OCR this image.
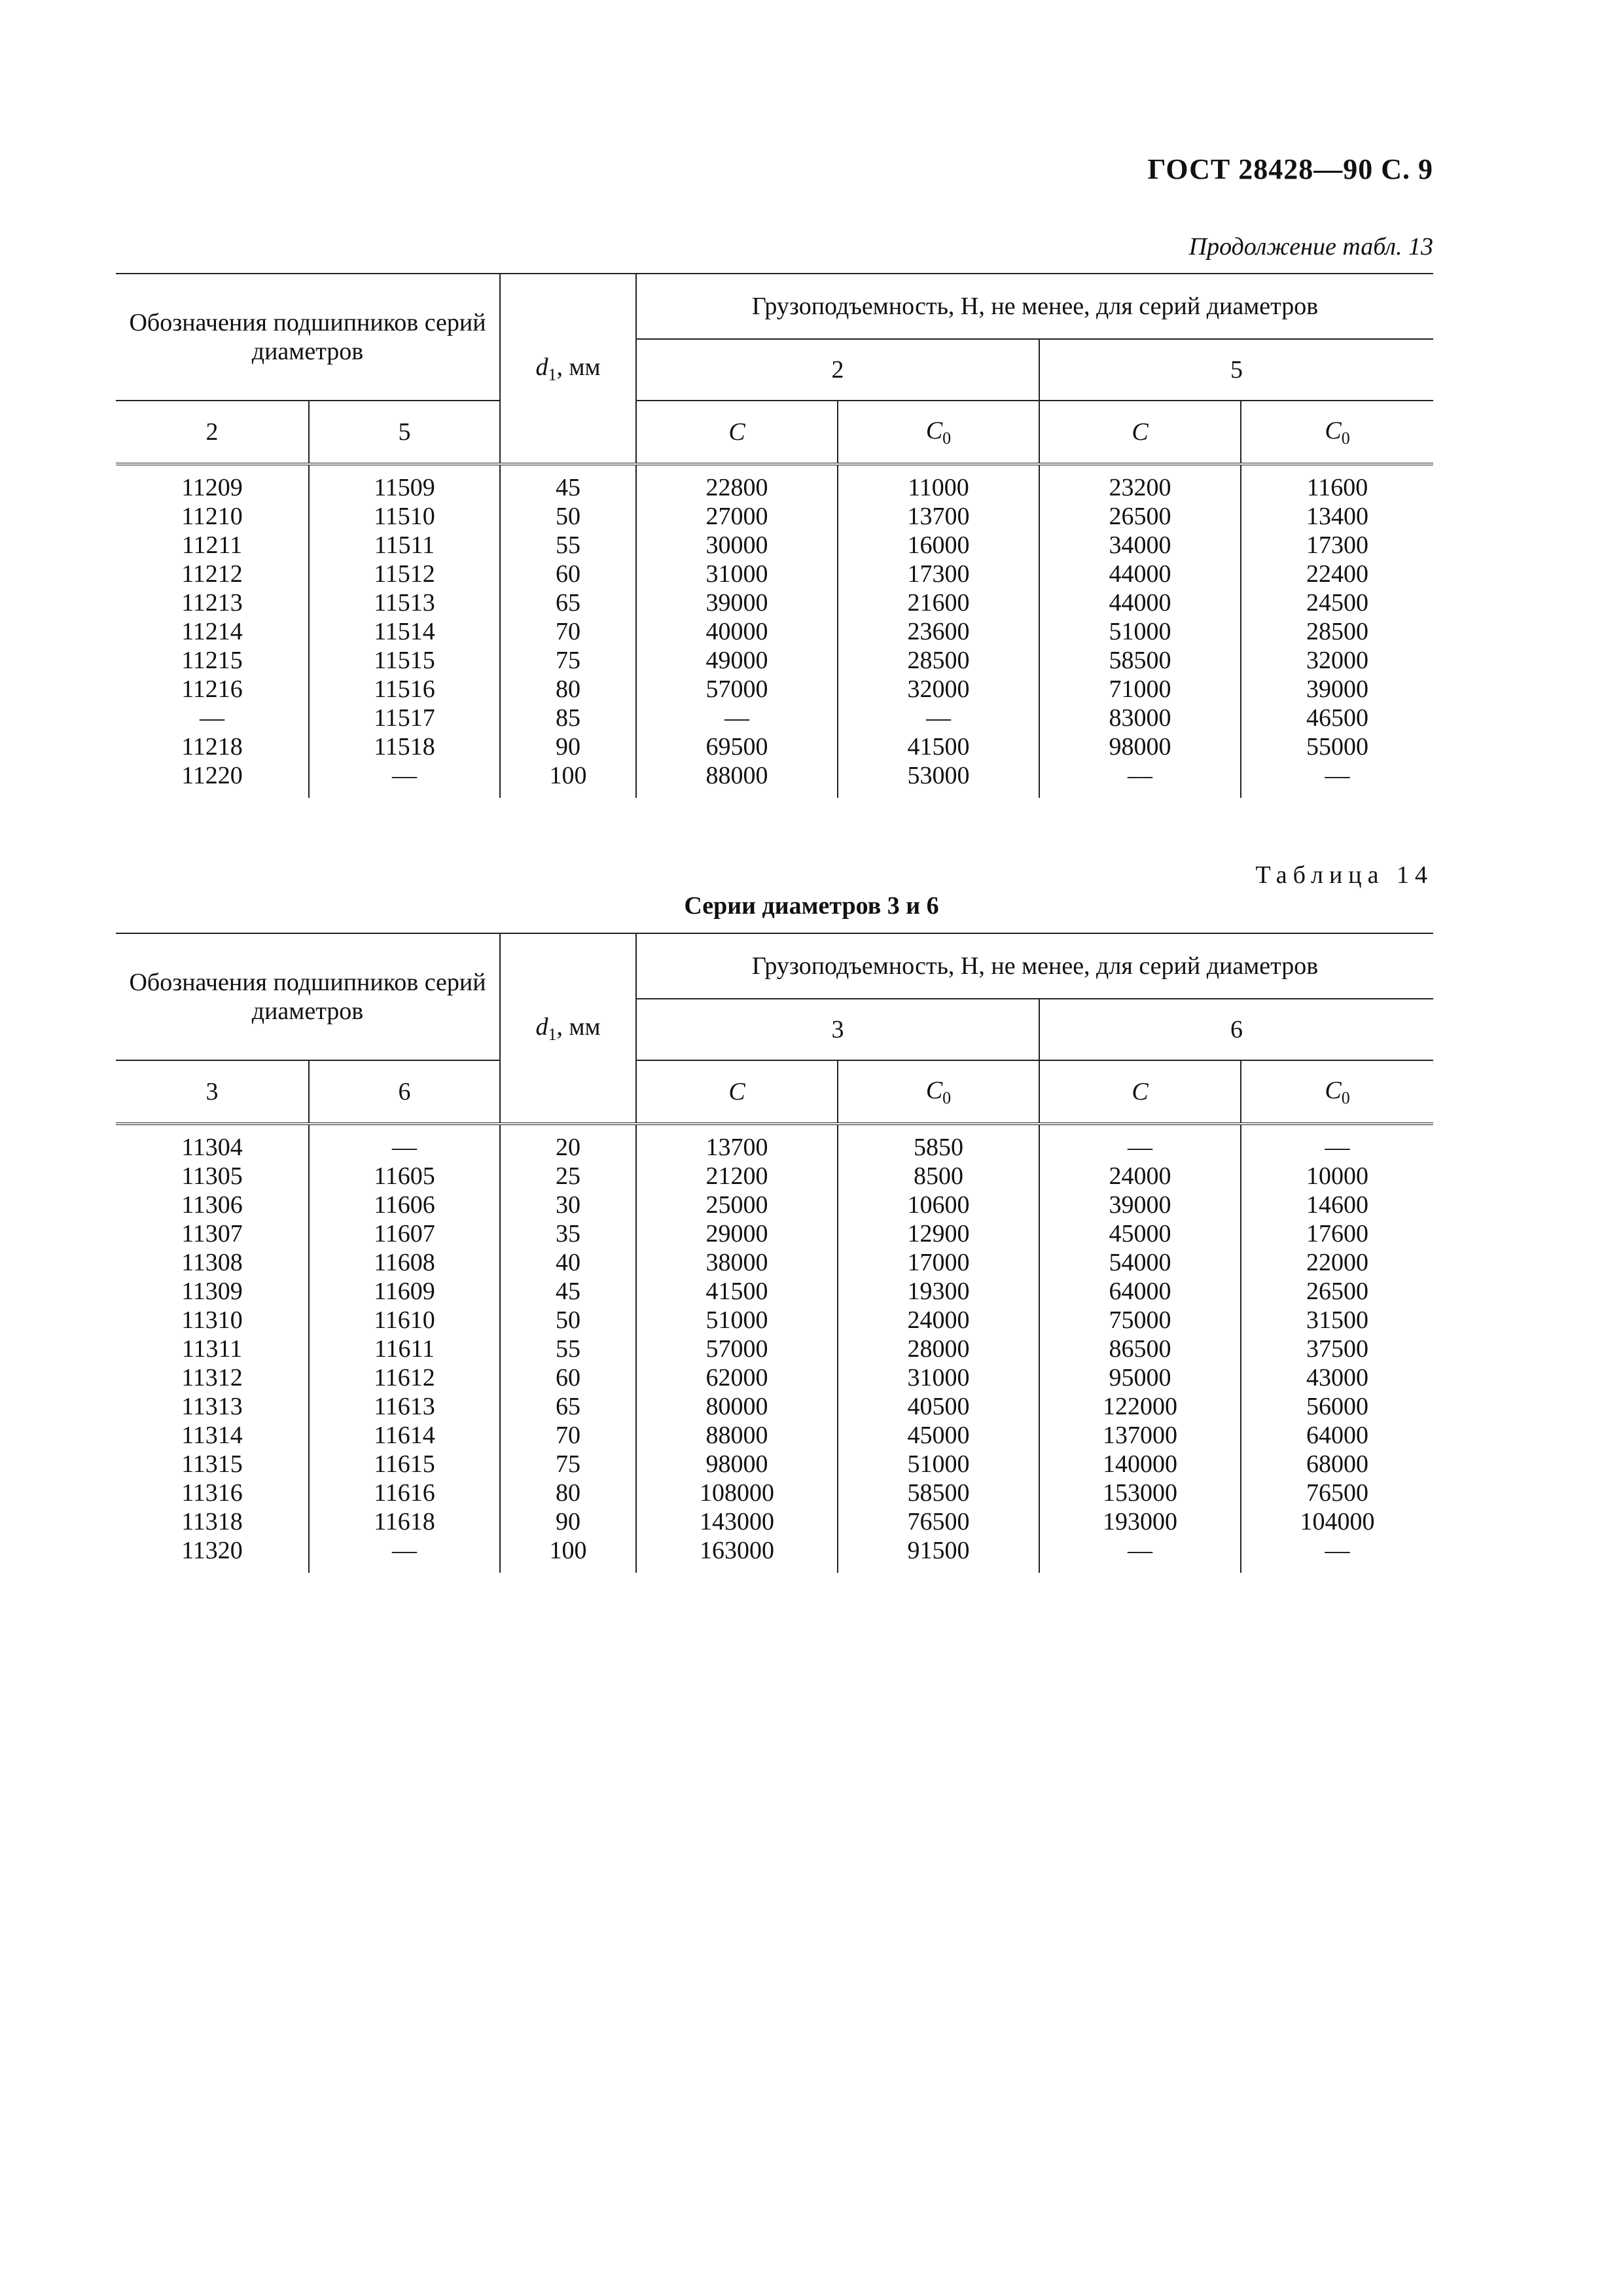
ГОСТ 28428—90 С. 9
Продолжение табл. 13
Обозначения подшипников серий диаметров		$d_1$, мм	Грузоподъемность, Н, не менее, для серий диаметров			
			2		5	
2	5		C	$C_0$	C	$C_0$
11209	11509	45	22800	11000	23200	11600
11210	11510	50	27000	13700	26500	13400
11211	11511	55	30000	16000	34000	17300
11212	11512	60	31000	17300	44000	22400
11213	11513	65	39000	21600	44000	24500
11214	11514	70	40000	23600	51000	28500
11215	11515	75	49000	28500	58500	32000
11216	11516	80	57000	32000	71000	39000
—	11517	85	—	—	83000	46500
11218	11518	90	69500	41500	98000	55000
11220	—	100	88000	53000	—	—
Таблица 14
Серии диаметров 3 и 6
Обозначения подшипников серий диаметров		$d_1$, мм	Грузоподъемность, Н, не менее, для серий диаметров			
			3		6	
3	6		C	$C_0$	C	$C_0$
11304	—	20	13700	5850	—	—
11305	11605	25	21200	8500	24000	10000
11306	11606	30	25000	10600	39000	14600
11307	11607	35	29000	12900	45000	17600
11308	11608	40	38000	17000	54000	22000
11309	11609	45	41500	19300	64000	26500
11310	11610	50	51000	24000	75000	31500
11311	11611	55	57000	28000	86500	37500
11312	11612	60	62000	31000	95000	43000
11313	11613	65	80000	40500	122000	56000
11314	11614	70	88000	45000	137000	64000
11315	11615	75	98000	51000	140000	68000
11316	11616	80	108000	58500	153000	76500
11318	11618	90	143000	76500	193000	104000
11320	—	100	163000	91500	—	—
